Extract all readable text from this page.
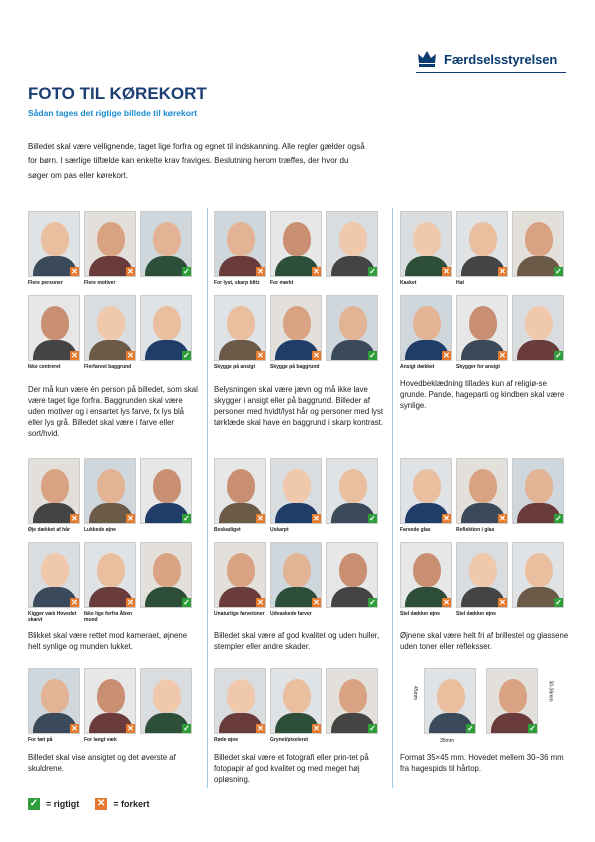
Færdselsstyrelsen
FOTO TIL KØREKORT
Sådan tages det rigtige billede til kørekort
Billedet skal være vellignende, taget lige forfra og egnet til indskanning. Alle regler gælder også for børn. I særlige tilfælde kan enkelte krav fraviges. Beslutning herom træffes, der hvor du søger om pas eller kørekort.
✕
Flere personer
✕
Flere motiver
✓
✕
Ikke centreret
✕
Flerfarvet baggrund
✓
Der må kun være én person på billedet, som skal være taget lige forfra. Baggrunden skal være uden motiver og i ensartet lys farve, fx lys blå eller lys grå. Billedet skal være i farve eller sort/hvid.
✕
For lyst, skarp blitz
✕
For mørkt
✓
✕
Skygge på ansigt
✕
Skygge på baggrund
✓
Belysningen skal være jævn og må ikke lave skygger i ansigt eller på baggrund. Billeder af personer med hvidt/lyst hår og personer med lyst tørklæde skal have en baggrund i skarp kontrast.
✕
Kasket
✕
Hat
✓
✕
Ansigt dækket
✕
Skygger for ansigt
✓
Hovedbeklædning tillades kun af religiø-se grunde. Pande, hageparti og kindben skal være synlige.
✕
Øje dækket af hår
✕
Lukkede øjne
✓
✕
Kigger væk Hovedet skævt
✕
Ikke lige forfra Åben mund
✓
Blikket skal være rettet mod kameraet, øjnene helt synlige og munden lukket.
✕
Beskadiget
✕
Uskarpt
✓
✕
Unaturlige farvetoner
✕
Udvaskede farver
✓
Billedet skal være af god kvalitet og uden huller, stempler eller andre skader.
✕
Farvede glas
✕
Reflektion i glas
✓
✕
Stel dækker øjne
✕
Stel dækker øjne
✓
Øjnene skal være helt fri af brillestel og glassene uden toner eller refleksser.
✕
For tæt på
✕
For langt væk
✓
Billedet skal vise ansigtet og det øverste af skuldrene.
✕
Røde øjne
✕
Grynet/pixeleret
✓
Billedet skal være et fotografi eller prin-tet på fotopapir af god kvalitet og med meget høj opløsning.
✓	✓
Format 35×45 mm. Hovedet mellem 30–36 mm fra hagespids til hårtop.
45mm
35mm
30-36mm
✓ = rigtigt ✕ = forkert
